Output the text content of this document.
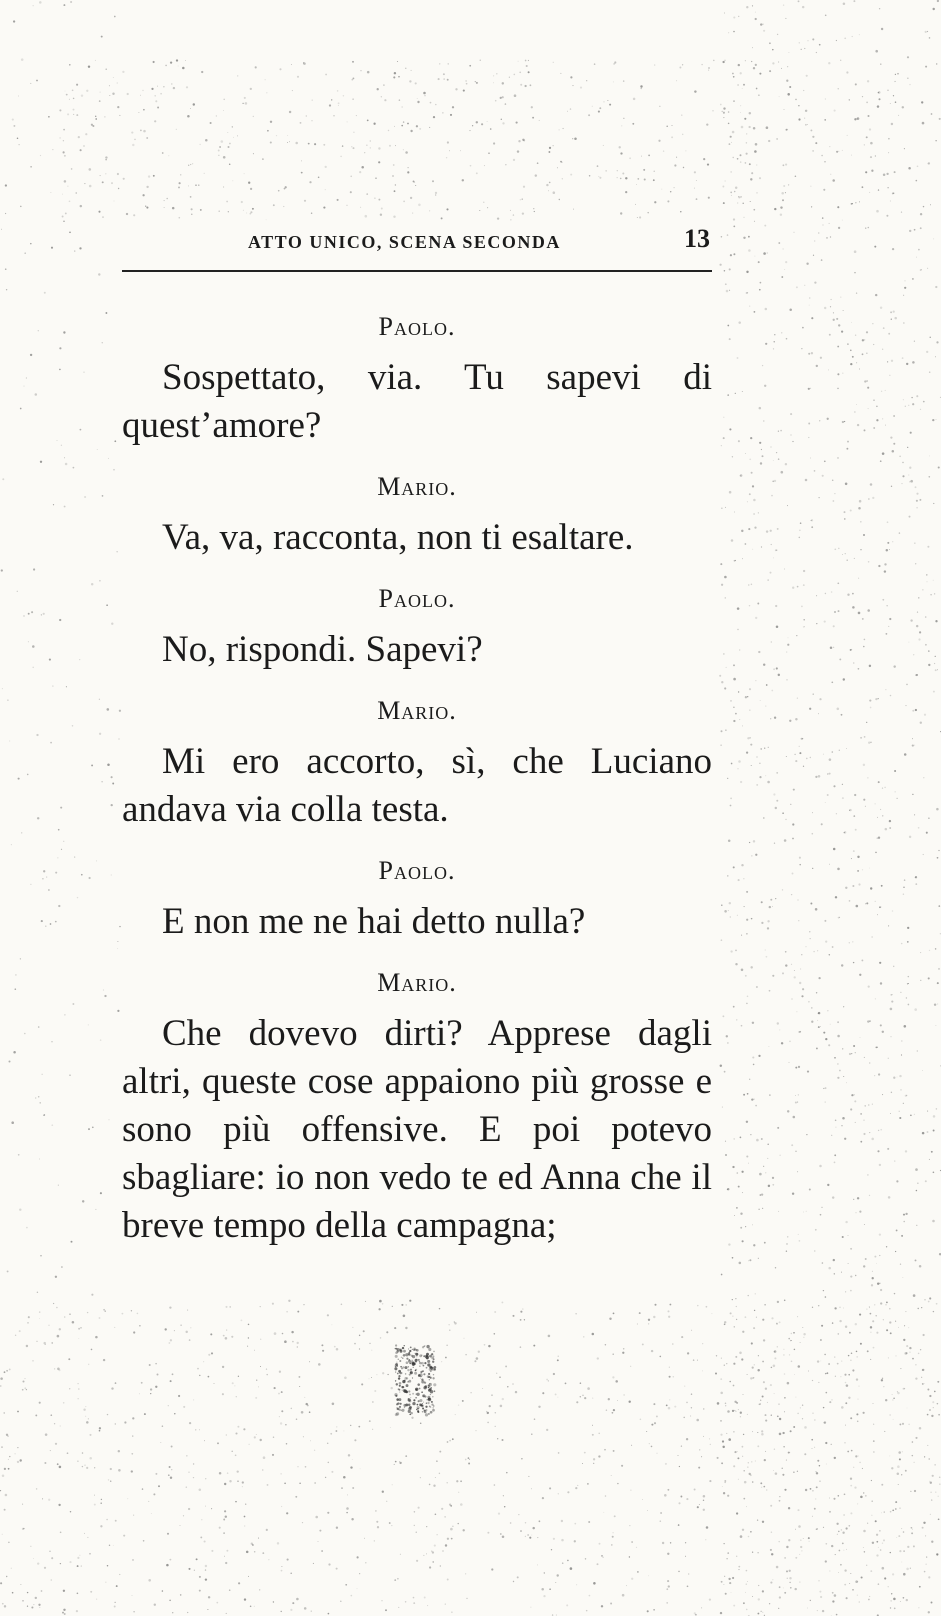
ATTO UNICO, SCENA SECONDA	13

Paolo.

Sospettato, via. Tu sapevi di quest’amore?

Mario.

Va, va, racconta, non ti esaltare.

Paolo.

No, rispondi. Sapevi?

Mario.

Mi ero accorto, sì, che Luciano andava via colla testa.

Paolo.

E non me ne hai detto nulla?

Mario.

Che dovevo dirti? Apprese dagli altri, queste cose appaiono più grosse e sono più offensive. E poi potevo sbagliare: io non vedo te ed Anna che il breve tempo della campagna;
